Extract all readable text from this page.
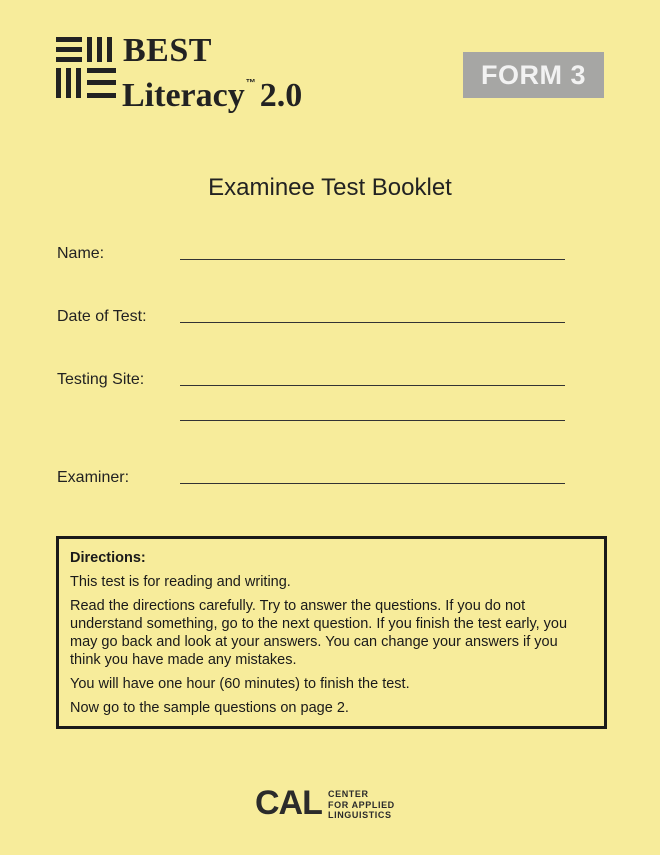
BEST
Literacy™ 2.0
FORM 3
Examinee Test Booklet
Name:
Date of Test:
Testing Site:
Examiner:

Directions:

This test is for reading and writing.

Read the directions carefully. Try to answer the questions. If you do not understand something, go to the next question. If you finish the test early, you may go back and look at your answers. You can change your answers if you think you have made any mistakes.

You will have one hour (60 minutes) to finish the test.

Now go to the sample questions on page 2.

CAL CENTER
FOR APPLIED
LINGUISTICS
